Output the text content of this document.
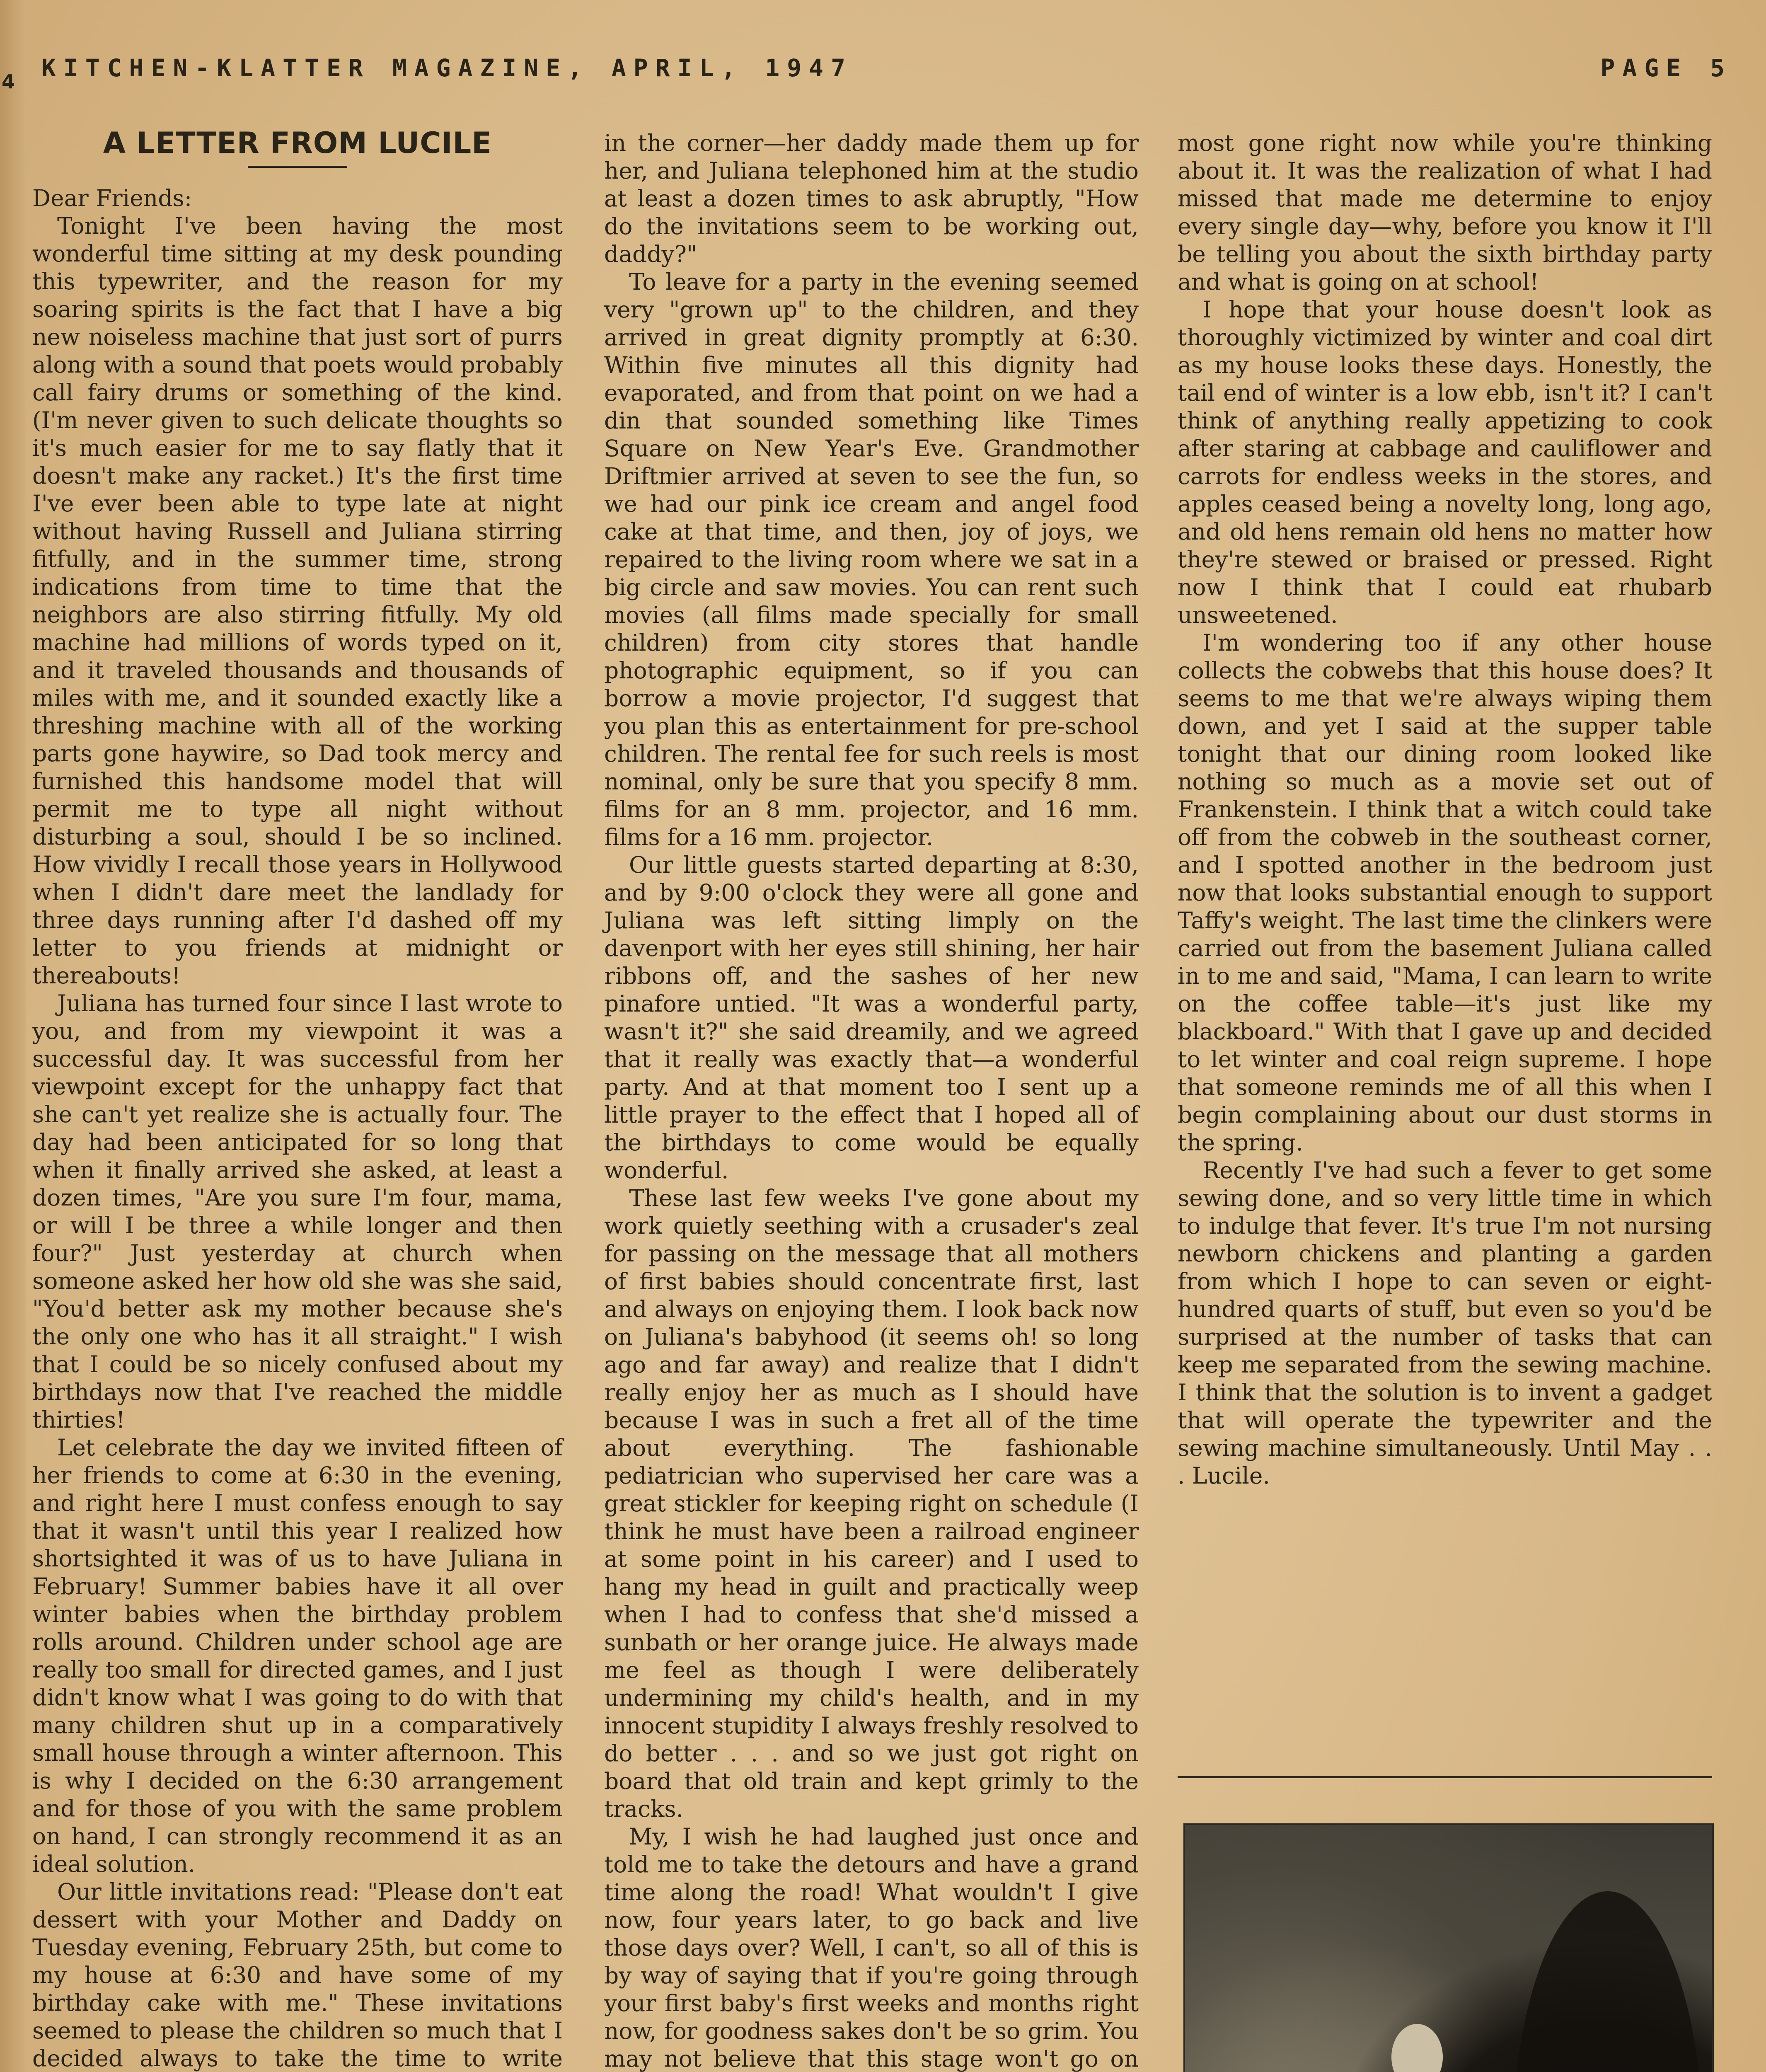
4 KITCHEN-KLATTER MAGAZINE, APRIL, 1947	PAGE 5
A LETTER FROM LUCILE

Dear Friends:

Tonight I've been having the most wonderful time sitting at my desk pounding this typewriter, and the reason for my soaring spirits is the fact that I have a big new noiseless machine that just sort of purrs along with a sound that poets would probably call fairy drums or something of the kind. (I'm never given to such delicate thoughts so it's much easier for me to say flatly that it doesn't make any racket.) It's the first time I've ever been able to type late at night without having Russell and Juliana stirring fitfully, and in the summer time, strong indications from time to time that the neighbors are also stirring fitfully. My old machine had millions of words typed on it, and it traveled thousands and thousands of miles with me, and it sounded exactly like a threshing machine with all of the working parts gone haywire, so Dad took mercy and furnished this handsome model that will permit me to type all night without disturbing a soul, should I be so inclined. How vividly I recall those years in Hollywood when I didn't dare meet the landlady for three days running after I'd dashed off my letter to you friends at midnight or thereabouts!

Juliana has turned four since I last wrote to you, and from my viewpoint it was a successful day. It was successful from her viewpoint except for the unhappy fact that she can't yet realize she is actually four. The day had been anticipated for so long that when it finally arrived she asked, at least a dozen times, "Are you sure I'm four, mama, or will I be three a while longer and then four?" Just yesterday at church when someone asked her how old she was she said, "You'd better ask my mother because she's the only one who has it all straight." I wish that I could be so nicely confused about my birthdays now that I've reached the middle thirties!

Let celebrate the day we invited fifteen of her friends to come at 6:30 in the evening, and right here I must confess enough to say that it wasn't until this year I realized how shortsighted it was of us to have Juliana in February! Summer babies have it all over winter babies when the birthday problem rolls around. Children under school age are really too small for directed games, and I just didn't know what I was going to do with that many children shut up in a comparatively small house through a winter afternoon. This is why I decided on the 6:30 arrangement and for those of you with the same problem on hand, I can strongly recommend it as an ideal solution.

Our little invitations read: "Please don't eat dessert with your Mother and Daddy on Tuesday evening, February 25th, but come to my house at 6:30 and have some of my birthday cake with me." These invitations seemed to please the children so much that I decided always to take the time to write

in the corner—her daddy made them up for her, and Juliana telephoned him at the studio at least a dozen times to ask abruptly, "How do the invitations seem to be working out, daddy?"

To leave for a party in the evening seemed very "grown up" to the children, and they arrived in great dignity promptly at 6:30. Within five minutes all this dignity had evaporated, and from that point on we had a din that sounded something like Times Square on New Year's Eve. Grandmother Driftmier arrived at seven to see the fun, so we had our pink ice cream and angel food cake at that time, and then, joy of joys, we repaired to the living room where we sat in a big circle and saw movies. You can rent such movies (all films made specially for small children) from city stores that handle photographic equipment, so if you can borrow a movie projector, I'd suggest that you plan this as entertainment for pre-school children. The rental fee for such reels is most nominal, only be sure that you specify 8 mm. films for an 8 mm. projector, and 16 mm. films for a 16 mm. projector.

Our little guests started departing at 8:30, and by 9:00 o'clock they were all gone and Juliana was left sitting limply on the davenport with her eyes still shining, her hair ribbons off, and the sashes of her new pinafore untied. "It was a wonderful party, wasn't it?" she said dreamily, and we agreed that it really was exactly that—a wonderful party. And at that moment too I sent up a little prayer to the effect that I hoped all of the birthdays to come would be equally wonderful.

These last few weeks I've gone about my work quietly seething with a crusader's zeal for passing on the message that all mothers of first babies should concentrate first, last and always on enjoying them. I look back now on Juliana's babyhood (it seems oh! so long ago and far away) and realize that I didn't really enjoy her as much as I should have because I was in such a fret all of the time about everything. The fashionable pediatrician who supervised her care was a great stickler for keeping right on schedule (I think he must have been a railroad engineer at some point in his career) and I used to hang my head in guilt and practically weep when I had to confess that she'd missed a sunbath or her orange juice. He always made me feel as though I were deliberately undermining my child's health, and in my innocent stupidity I always freshly resolved to do better . . . and so we just got right on board that old train and kept grimly to the tracks.

My, I wish he had laughed just once and told me to take the detours and have a grand time along the road! What wouldn't I give now, four years later, to go back and live those days over? Well, I can't, so all of this is by way of saying that if you're going through your first baby's first weeks and months right now, for goodness sakes don't be so grim. You may not believe that this stage won't go on

most gone right now while you're thinking about it. It was the realization of what I had missed that made me determine to enjoy every single day—why, before you know it I'll be telling you about the sixth birthday party and what is going on at school!

I hope that your house doesn't look as thoroughly victimized by winter and coal dirt as my house looks these days. Honestly, the tail end of winter is a low ebb, isn't it? I can't think of anything really appetizing to cook after staring at cabbage and cauliflower and carrots for endless weeks in the stores, and apples ceased being a novelty long, long ago, and old hens remain old hens no matter how they're stewed or braised or pressed. Right now I think that I could eat rhubarb unsweetened.

I'm wondering too if any other house collects the cobwebs that this house does? It seems to me that we're always wiping them down, and yet I said at the supper table tonight that our dining room looked like nothing so much as a movie set out of Frankenstein. I think that a witch could take off from the cobweb in the southeast corner, and I spotted another in the bedroom just now that looks substantial enough to support Taffy's weight. The last time the clinkers were carried out from the basement Juliana called in to me and said, "Mama, I can learn to write on the coffee table—it's just like my blackboard." With that I gave up and decided to let winter and coal reign supreme. I hope that someone reminds me of all this when I begin complaining about our dust storms in the spring.

Recently I've had such a fever to get some sewing done, and so very little time in which to indulge that fever. It's true I'm not nursing newborn chickens and planting a garden from which I hope to can seven or eight-hundred quarts of stuff, but even so you'd be surprised at the number of tasks that can keep me separated from the sewing machine. I think that the solution is to invent a gadget that will operate the typewriter and the sewing machine simultaneously. Until May . . . Lucile.
